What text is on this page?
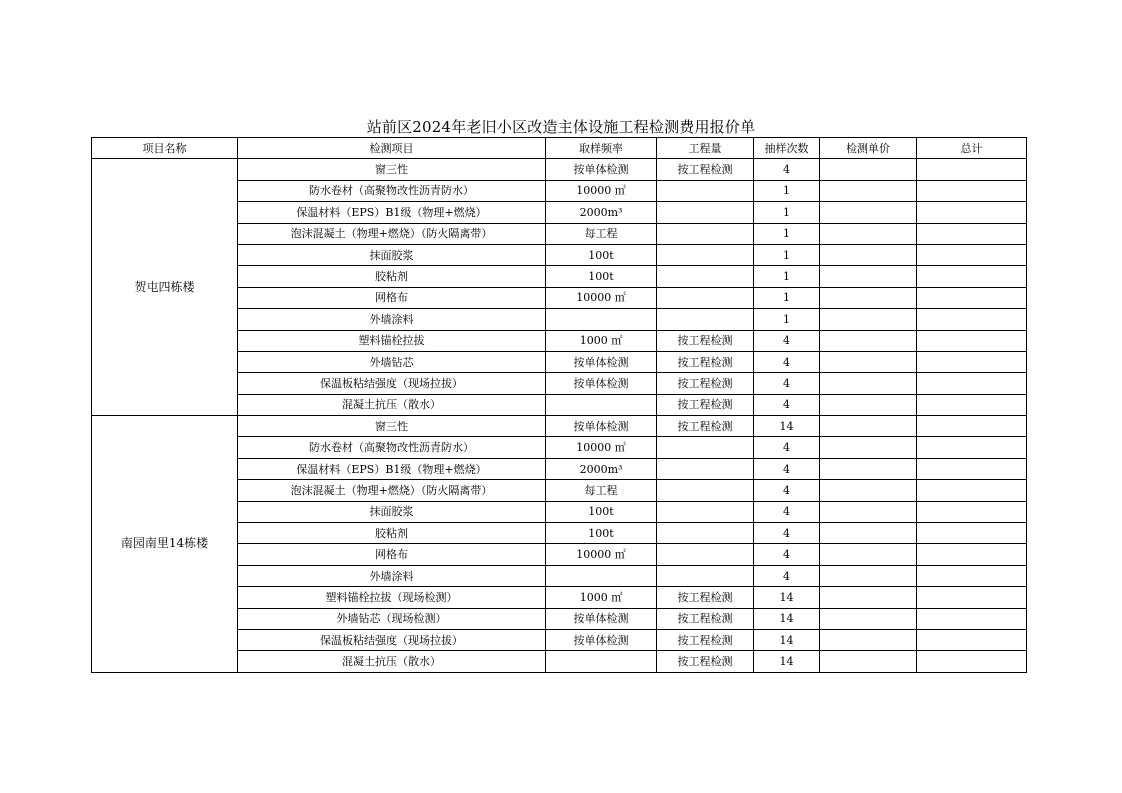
站前区2024年老旧小区改造主体设施工程检测费用报价单
项目名称	检测项目	取样频率	工程量	抽样次数	检测单价	总计
贺屯四栋楼	窗三性	按单体检测	按工程检测	4		
	防水卷材（高聚物改性沥青防水）	10000 ㎡		1		
	保温材料（EPS）B1级（物理+燃烧）	2000m³		1		
	泡沫混凝土（物理+燃烧）（防火隔离带）	每工程		1		
	抹面胶浆	100t		1		
	胶粘剂	100t		1		
	网格布	10000 ㎡		1		
	外墙涂料			1		
	塑料锚栓拉拔	1000 ㎡	按工程检测	4		
	外墙钻芯	按单体检测	按工程检测	4		
	保温板粘结强度（现场拉拔）	按单体检测	按工程检测	4		
	混凝土抗压（散水）		按工程检测	4		
南园南里14栋楼	窗三性	按单体检测	按工程检测	14		
	防水卷材（高聚物改性沥青防水）	10000 ㎡		4		
	保温材料（EPS）B1级（物理+燃烧）	2000m³		4		
	泡沫混凝土（物理+燃烧）（防火隔离带）	每工程		4		
	抹面胶浆	100t		4		
	胶粘剂	100t		4		
	网格布	10000 ㎡		4		
	外墙涂料			4		
	塑料锚栓拉拔（现场检测）	1000 ㎡	按工程检测	14		
	外墙钻芯（现场检测）	按单体检测	按工程检测	14		
	保温板粘结强度（现场拉拔）	按单体检测	按工程检测	14		
	混凝土抗压（散水）		按工程检测	14		
